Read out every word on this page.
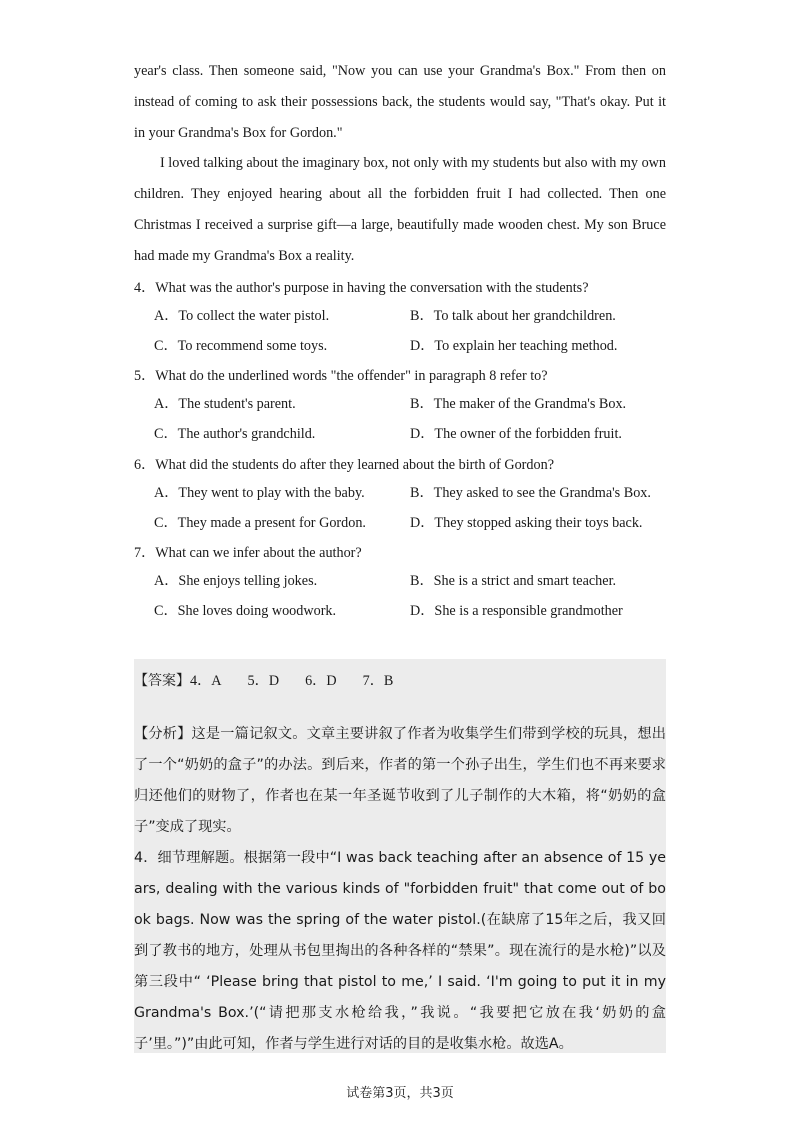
year's class. Then someone said, "Now you can use your Grandma's Box." From then on instead of coming to ask their possessions back, the students would say, "That's okay. Put it in your Grandma's Box for Gordon."

I loved talking about the imaginary box, not only with my students but also with my own children. They enjoyed hearing about all the forbidden fruit I had collected. Then one Christmas I received a surprise gift—a large, beautifully made wooden chest. My son Bruce had made my Grandma's Box a reality.

4．What was the author's purpose in having the conversation with the students?
A．To collect the water pistol.	B．To talk about her grandchildren.
C．To recommend some toys.	D．To explain her teaching method.
5．What do the underlined words "the offender" in paragraph 8 refer to?
A．The student's parent.	B．The maker of the Grandma's Box.
C．The author's grandchild.	D．The owner of the forbidden fruit.
6．What did the students do after they learned about the birth of Gordon?
A．They went to play with the baby.	B．They asked to see the Grandma's Box.
C．They made a present for Gordon.	D．They stopped asking their toys back.
7．What can we infer about the author?
A．She enjoys telling jokes.	B．She is a strict and smart teacher.
C．She loves doing woodwork.	D．She is a responsible grandmother
【答案】4．A 5．D 6．D 7．B
【分析】这是一篇记叙文。文章主要讲叙了作者为收集学生们带到学校的玩具，想出了一个“奶奶的盒子”的办法。到后来，作者的第一个孙子出生，学生们也不再来要求归还他们的财物了，作者也在某一年圣诞节收到了儿子制作的大木箱，将“奶奶的盒子”变成了现实。
4．细节理解题。根据第一段中“I was back teaching after an absence of 15 years, dealing with the various kinds of "forbidden fruit" that come out of book bags. Now was the spring of the water pistol.(在缺席了15年之后，我又回到了教书的地方，处理从书包里掏出的各种各样的“禁果”。现在流行的是水枪)”以及第三段中“ ‘Please bring that pistol to me,’ I said. ‘I'm going to put it in my Grandma's Box.’(“请把那支水枪给我，”我说。“我要把它放在我‘奶奶的盒子’里。”)”由此可知，作者与学生进行对话的目的是收集水枪。故选A。
试卷第3页，共3页
